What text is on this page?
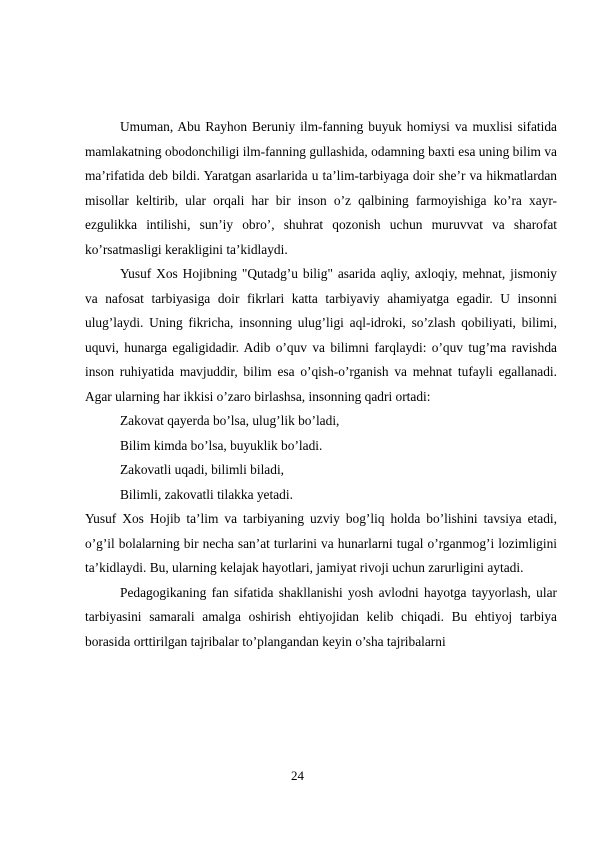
Umuman, Abu Rayhon Beruniy ilm-fanning buyuk homiysi va muxlisi sifatida mamlakatning obodonchiligi ilm-fanning gullashida, odamning baxti esa uning bilim va ma’rifatida deb bildi. Yaratgan asarlarida u ta’lim-tarbiyaga doir she’r va hikmatlardan misollar keltirib, ular orqali har bir inson o’z qalbining farmoyishiga ko’ra xayr-ezgulikka intilishi, sun’iy obro’, shuhrat qozonish uchun muruvvat va sharofat ko’rsatmasligi kerakligini ta’kidlaydi.

Yusuf Xos Hojibning "Qutadg’u bilig" asarida aqliy, axloqiy, mehnat, jismoniy va nafosat tarbiyasiga doir fikrlari katta tarbiyaviy ahamiyatga egadir. U insonni ulug’laydi. Uning fikricha, insonning ulug’ligi aql-idroki, so’zlash qobiliyati, bilimi, uquvi, hunarga egaligidadir. Adib o’quv va bilimni farqlaydi: o’quv tug’ma ravishda inson ruhiyatida mavjuddir, bilim esa o’qish-o’rganish va mehnat tufayli egallanadi. Agar ularning har ikkisi o’zaro birlashsa, insonning qadri ortadi:

Zakovat qayerda bo’lsa, ulug’lik bo’ladi,

Bilim kimda bo’lsa, buyuklik bo’ladi.

Zakovatli uqadi, bilimli biladi,

Bilimli, zakovatli tilakka yetadi.

Yusuf Xos Hojib ta’lim va tarbiyaning uzviy bog’liq holda bo’lishini tavsiya etadi, o’g’il bolalarning bir necha san’at turlarini va hunarlarni tugal o’rganmog’i lozimligini ta’kidlaydi. Bu, ularning kelajak hayotlari, jamiyat rivoji uchun zarurligini aytadi.

Pedagogikaning fan sifatida shakllanishi yosh avlodni hayotga tayyorlash, ular tarbiyasini samarali amalga oshirish ehtiyojidan kelib chiqadi. Bu ehtiyoj tarbiya borasida orttirilgan tajribalar to’plangandan keyin o’sha tajribalarni

24
